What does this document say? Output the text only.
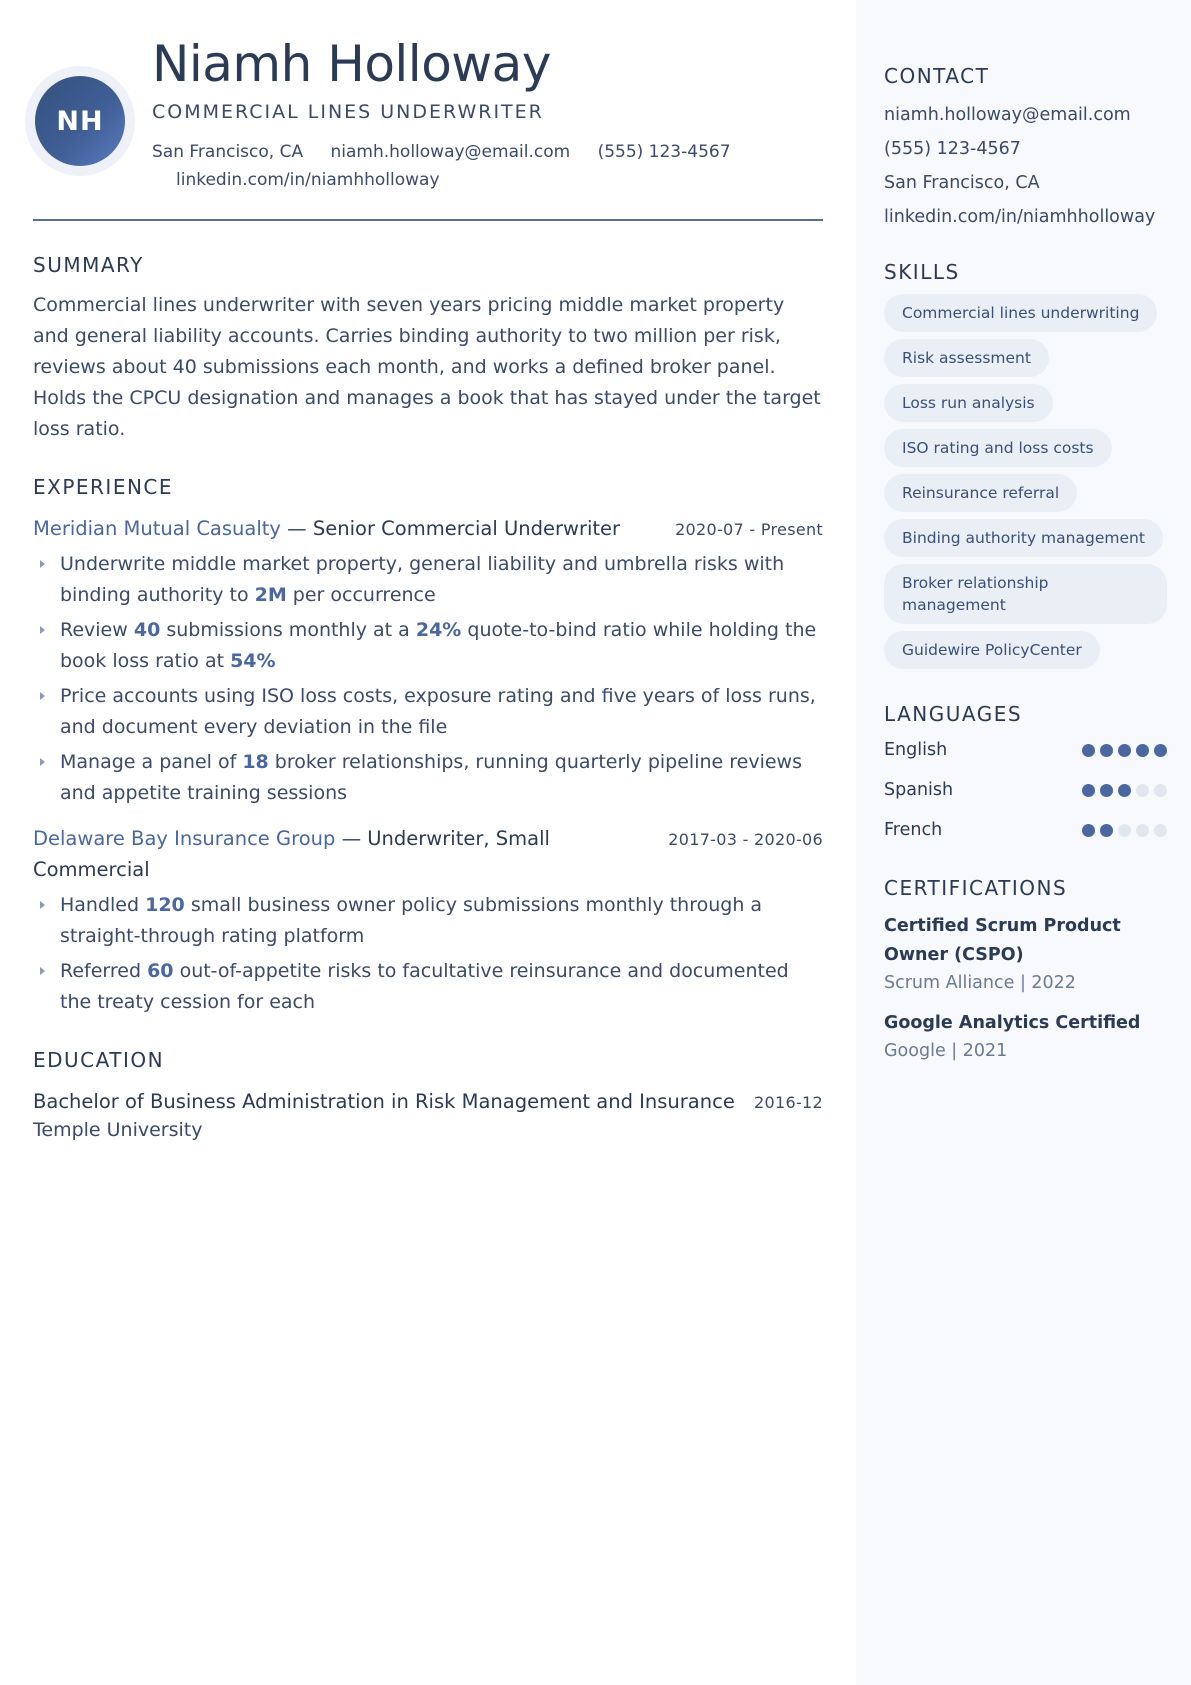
NH
Niamh Holloway
COMMERCIAL LINES UNDERWRITER
San Francisco, CA niamh.holloway@email.com (555) 123-4567
linkedin.com/in/niamhholloway
SUMMARY

Commercial lines underwriter with seven years pricing middle market property and general liability accounts. Carries binding authority to two million per risk, reviews about 40 submissions each month, and works a defined broker panel. Holds the CPCU designation and manages a book that has stayed under the target loss ratio.

EXPERIENCE
Meridian Mutual Casualty — Senior Commercial Underwriter	2020-07 - Present
Underwrite middle market property, general liability and umbrella risks with binding authority to 2M per occurrence
Review 40 submissions monthly at a 24% quote-to-bind ratio while holding the book loss ratio at 54%
Price accounts using ISO loss costs, exposure rating and five years of loss runs, and document every deviation in the file
Manage a panel of 18 broker relationships, running quarterly pipeline reviews and appetite training sessions
Delaware Bay Insurance Group — Underwriter, Small Commercial
2017-03 - 2020-06
Handled 120 small business owner policy submissions monthly through a straight-through rating platform
Referred 60 out-of-appetite risks to facultative reinsurance and documented the treaty cession for each
EDUCATION
Bachelor of Business Administration in Risk Management and Insurance 2016-12
Temple University
CONTACT
niamh.holloway@email.com
(555) 123-4567
San Francisco, CA
linkedin.com/in/niamhholloway
SKILLS
Commercial lines underwriting
Risk assessment
Loss run analysis
ISO rating and loss costs
Reinsurance referral
Binding authority management
Broker relationship management
Guidewire PolicyCenter
LANGUAGES
English
Spanish
French
CERTIFICATIONS
Certified Scrum Product Owner (CSPO)
Scrum Alliance | 2022
Google Analytics Certified
Google | 2021
